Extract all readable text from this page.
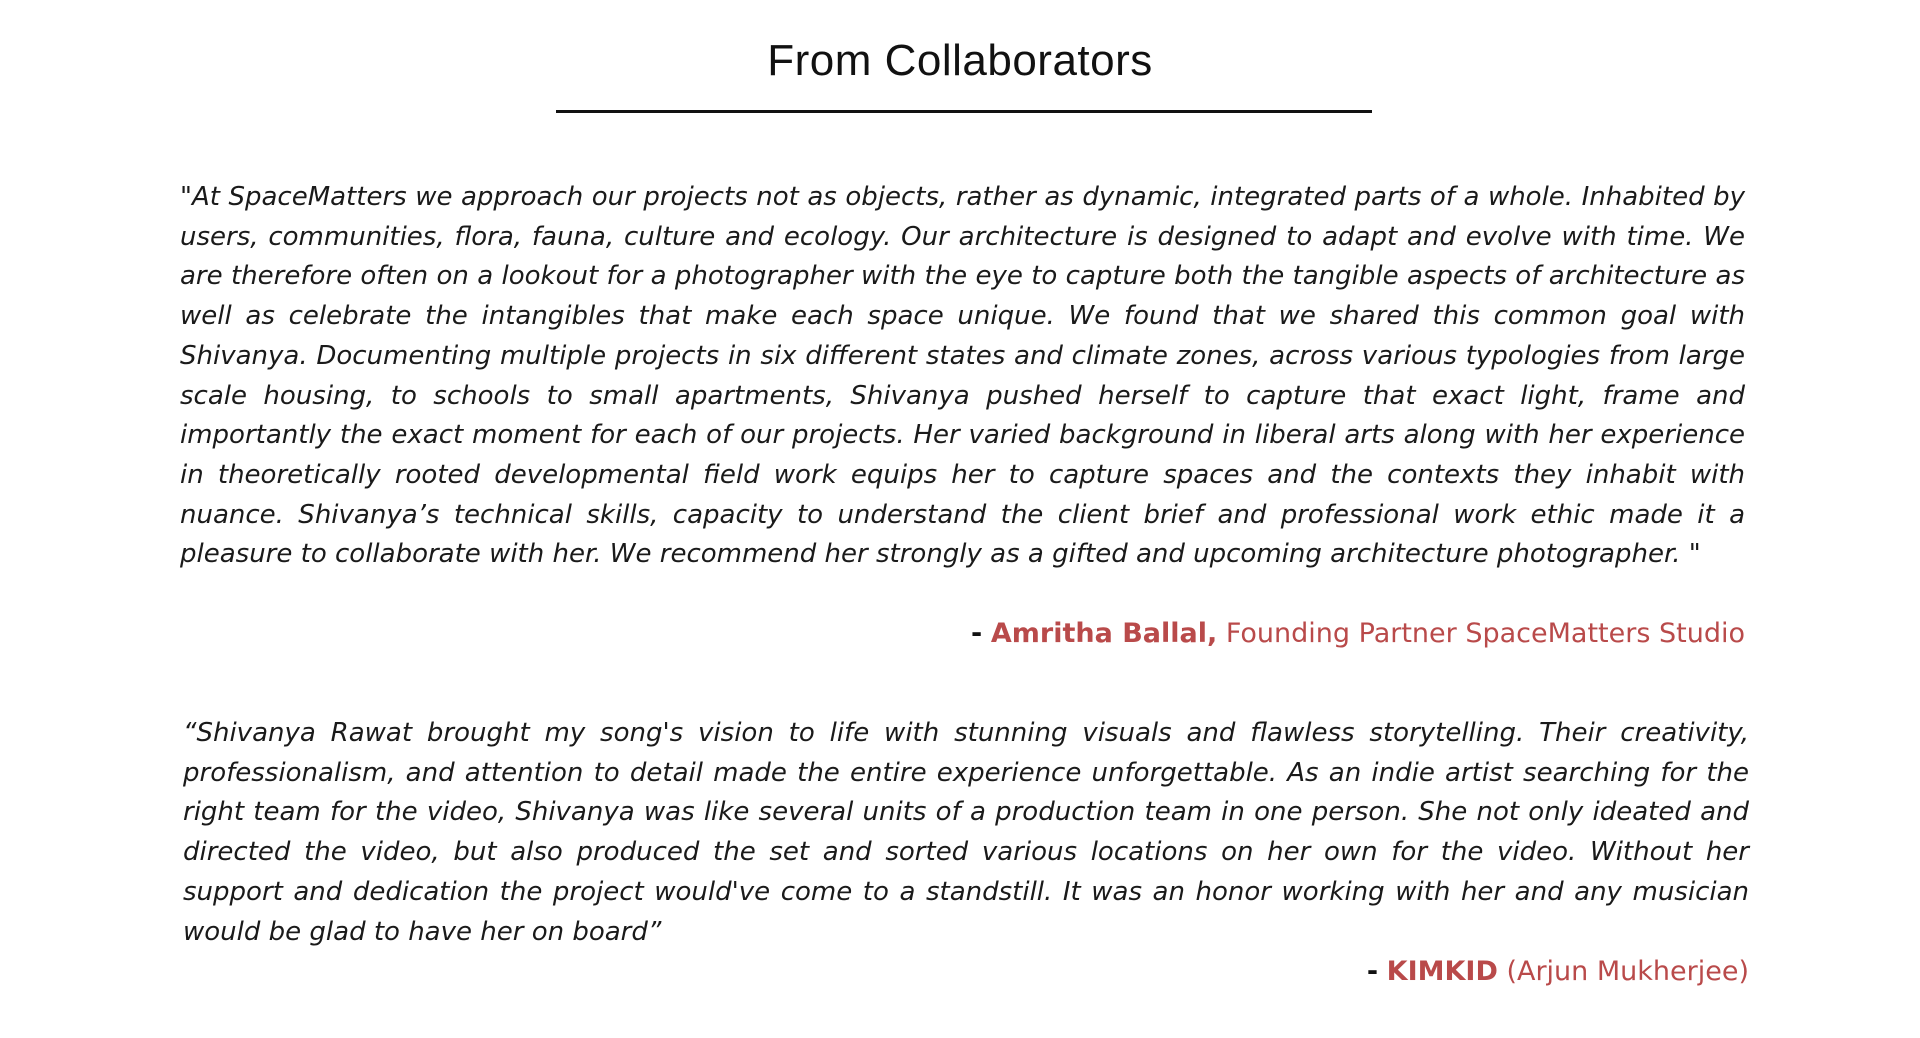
From Collaborators

"At SpaceMatters we approach our projects not as objects, rather as dynamic, integrated parts of a whole. Inhabited by users, communities, flora, fauna, culture and ecology. Our architecture is designed to adapt and evolve with time. We are therefore often on a lookout for a photographer with the eye to capture both the tangible aspects of architecture as well as celebrate the intangibles that make each space unique. We found that we shared this common goal with Shivanya. Documenting multiple projects in six different states and climate zones, across various typologies from large scale housing, to schools to small apartments, Shivanya pushed herself to capture that exact light, frame and importantly the exact moment for each of our projects. Her varied background in liberal arts along with her experience in theoretically rooted developmental field work equips her to capture spaces and the contexts they inhabit with nuance. Shivanya’s technical skills, capacity to understand the client brief and professional work ethic made it a pleasure to collaborate with her. We recommend her strongly as a gifted and upcoming architecture photographer. "

- Amritha Ballal, Founding Partner SpaceMatters Studio

“Shivanya Rawat brought my song's vision to life with stunning visuals and flawless storytelling. Their creativity, professionalism, and attention to detail made the entire experience unforgettable. As an indie artist searching for the right team for the video, Shivanya was like several units of a production team in one person. She not only ideated and directed the video, but also produced the set and sorted various locations on her own for the video. Without her support and dedication the project would've come to a standstill. It was an honor working with her and any musician would be glad to have her on board”

- KIMKID (Arjun Mukherjee)
